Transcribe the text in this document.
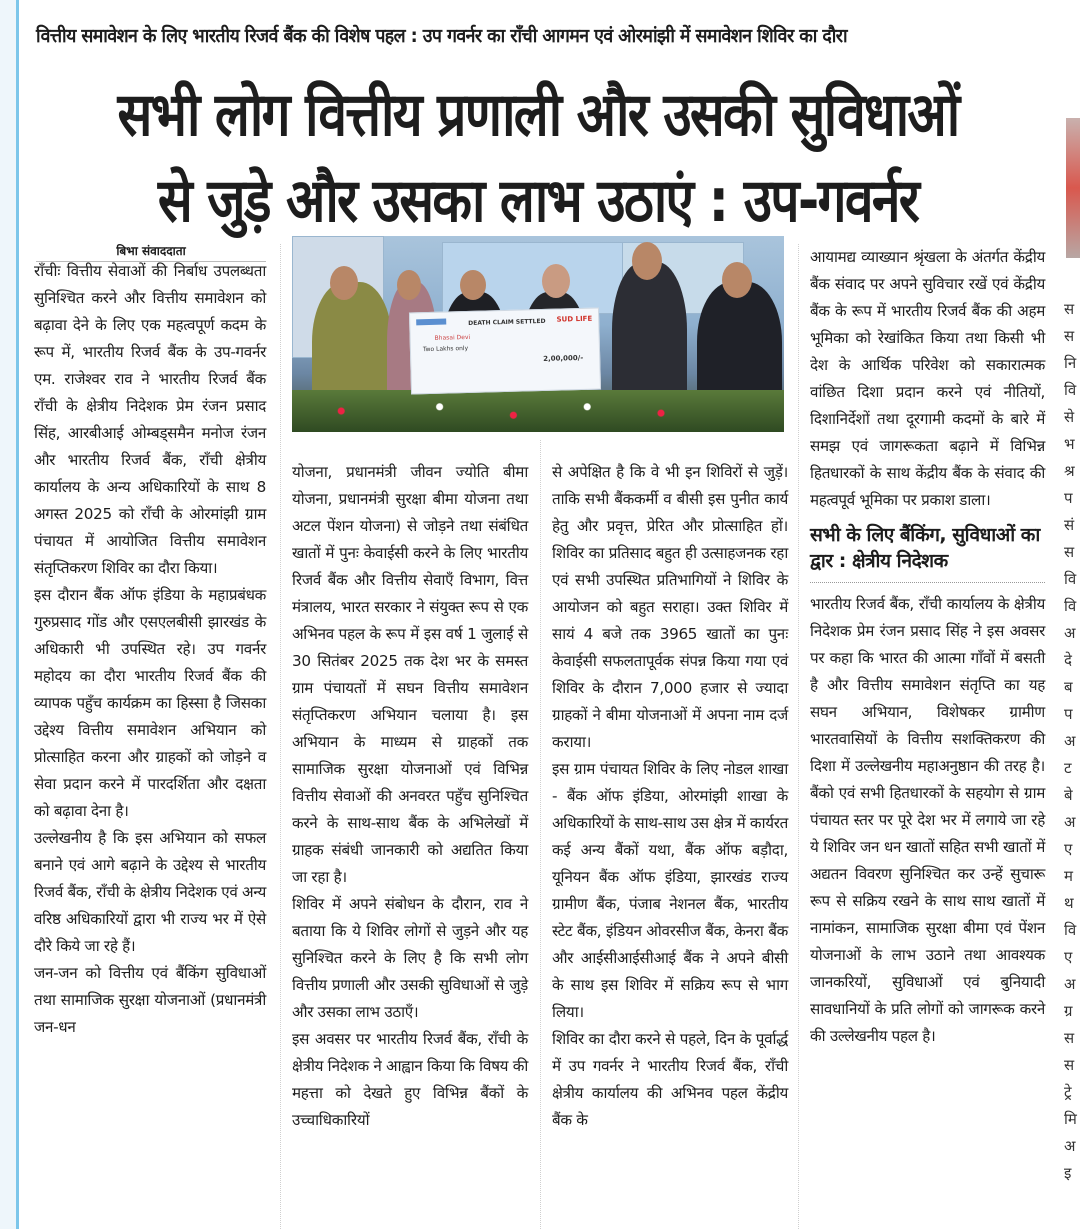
वित्तीय समावेशन के लिए भारतीय रिजर्व बैंक की विशेष पहल : उप गवर्नर का राँची आगमन एवं ओरमांझी में समावेशन शिविर का दौरा
सभी लोग वित्तीय प्रणाली और उसकी सुविधाओं
से जुड़े और उसका लाभ उठाएं : उप-गवर्नर
बिभा संवाददाता
DEATH CLAIM SETTLED SUD LIFE
Bhasai Devi
Two Lakhs only
2,00,000/-

राँचीः वित्तीय सेवाओं की निर्बाध उपलब्धता सुनिश्चित करने और वित्तीय समावेशन को बढ़ावा देने के लिए एक महत्वपूर्ण कदम के रूप में, भारतीय रिजर्व बैंक के उप-गवर्नर एम. राजेश्वर राव ने भारतीय रिजर्व बैंक राँची के क्षेत्रीय निदेशक प्रेम रंजन प्रसाद सिंह, आरबीआई ओम्बड्समैन मनोज रंजन और भारतीय रिजर्व बैंक, राँची क्षेत्रीय कार्यालय के अन्य अधिकारियों के साथ 8 अगस्त 2025 को राँची के ओरमांझी ग्राम पंचायत में आयोजित वित्तीय समावेशन संतृप्तिकरण शिविर का दौरा किया।

इस दौरान बैंक ऑफ इंडिया के महाप्रबंधक गुरुप्रसाद गोंड और एसएलबीसी झारखंड के अधिकारी भी उपस्थित रहे। उप गवर्नर महोदय का दौरा भारतीय रिजर्व बैंक की व्यापक पहुँच कार्यक्रम का हिस्सा है जिसका उद्देश्य वित्तीय समावेशन अभियान को प्रोत्साहित करना और ग्राहकों को जोड़ने व सेवा प्रदान करने में पारदर्शिता और दक्षता को बढ़ावा देना है।

उल्लेखनीय है कि इस अभियान को सफल बनाने एवं आगे बढ़ाने के उद्देश्य से भारतीय रिजर्व बैंक, राँची के क्षेत्रीय निदेशक एवं अन्य वरिष्ठ अधिकारियों द्वारा भी राज्य भर में ऐसे दौरे किये जा रहे हैं।

जन-जन को वित्तीय एवं बैंकिंग सुविधाओं तथा सामाजिक सुरक्षा योजनाओं (प्रधानमंत्री जन-धन

योजना, प्रधानमंत्री जीवन ज्योति बीमा योजना, प्रधानमंत्री सुरक्षा बीमा योजना तथा अटल पेंशन योजना) से जोड़ने तथा संबंधित खातों में पुनः केवाईसी करने के लिए भारतीय रिजर्व बैंक और वित्तीय सेवाएँ विभाग, वित्त मंत्रालय, भारत सरकार ने संयुक्त रूप से एक अभिनव पहल के रूप में इस वर्ष 1 जुलाई से 30 सितंबर 2025 तक देश भर के समस्त ग्राम पंचायतों में सघन वित्तीय समावेशन संतृप्तिकरण अभियान चलाया है। इस अभियान के माध्यम से ग्राहकों तक सामाजिक सुरक्षा योजनाओं एवं विभिन्न वित्तीय सेवाओं की अनवरत पहुँच सुनिश्चित करने के साथ-साथ बैंक के अभिलेखों में ग्राहक संबंधी जानकारी को अद्यतित किया जा रहा है।

शिविर में अपने संबोधन के दौरान, राव ने बताया कि ये शिविर लोगों से जुड़ने और यह सुनिश्चित करने के लिए है कि सभी लोग वित्तीय प्रणाली और उसकी सुविधाओं से जुड़े और उसका लाभ उठाएँ।

इस अवसर पर भारतीय रिजर्व बैंक, राँची के क्षेत्रीय निदेशक ने आह्वान किया कि विषय की महत्ता को देखते हुए विभिन्न बैंकों के उच्चाधिकारियों

से अपेक्षित है कि वे भी इन शिविरों से जुड़ें। ताकि सभी बैंककर्मी व बीसी इस पुनीत कार्य हेतु और प्रवृत्त, प्रेरित और प्रोत्साहित हों। शिविर का प्रतिसाद बहुत ही उत्साहजनक रहा एवं सभी उपस्थित प्रतिभागियों ने शिविर के आयोजन को बहुत सराहा। उक्त शिविर में सायं 4 बजे तक 3965 खातों का पुनः केवाईसी सफलतापूर्वक संपन्न किया गया एवं शिविर के दौरान 7,000 हजार से ज्यादा ग्राहकों ने बीमा योजनाओं में अपना नाम दर्ज कराया।

इस ग्राम पंचायत शिविर के लिए नोडल शाखा - बैंक ऑफ इंडिया, ओरमांझी शाखा के अधिकारियों के साथ-साथ उस क्षेत्र में कार्यरत कई अन्य बैंकों यथा, बैंक ऑफ बड़ौदा, यूनियन बैंक ऑफ इंडिया, झारखंड राज्य ग्रामीण बैंक, पंजाब नेशनल बैंक, भारतीय स्टेट बैंक, इंडियन ओवरसीज बैंक, केनरा बैंक और आईसीआईसीआई बैंक ने अपने बीसी के साथ इस शिविर में सक्रिय रूप से भाग लिया।

शिविर का दौरा करने से पहले, दिन के पूर्वार्द्ध में उप गवर्नर ने भारतीय रिजर्व बैंक, राँची क्षेत्रीय कार्यालय की अभिनव पहल केंद्रीय बैंक के

आयामद्य व्याख्यान श्रृंखला के अंतर्गत केंद्रीय बैंक संवाद पर अपने सुविचार रखें एवं केंद्रीय बैंक के रूप में भारतीय रिजर्व बैंक की अहम भूमिका को रेखांकित किया तथा किसी भी देश के आर्थिक परिवेश को सकारात्मक वांछित दिशा प्रदान करने एवं नीतियों, दिशानिर्देशों तथा दूरगामी कदमों के बारे में समझ एवं जागरूकता बढ़ाने में विभिन्न हितधारकों के साथ केंद्रीय बैंक के संवाद की महत्वपूर्व भूमिका पर प्रकाश डाला।

सभी के लिए बैंकिंग, सुविधाओं का द्वार : क्षेत्रीय निदेशक

भारतीय रिजर्व बैंक, राँची कार्यालय के क्षेत्रीय निदेशक प्रेम रंजन प्रसाद सिंह ने इस अवसर पर कहा कि भारत की आत्मा गाँवों में बसती है और वित्तीय समावेशन संतृप्ति का यह सघन अभियान, विशेषकर ग्रामीण भारतवासियों के वित्तीय सशक्तिकरण की दिशा में उल्लेखनीय महाअनुष्ठान की तरह है। बैंको एवं सभी हितधारकों के सहयोग से ग्राम पंचायत स्तर पर पूरे देश भर में लगाये जा रहे ये शिविर जन धन खातों सहित सभी खातों में अद्यतन विवरण सुनिश्चित कर उन्हें सुचारू रूप से सक्रिय रखने के साथ साथ खातों में नामांकन, सामाजिक सुरक्षा बीमा एवं पेंशन योजनाओं के लाभ उठाने तथा आवश्यक जानकरियों, सुविधाओं एवं बुनियादी सावधानियों के प्रति लोगों को जागरूक करने की उल्लेखनीय पहल है।

स
स
नि
वि
से
भ
श्र
प
सं
स
वि
वि
अ
दे
ब
प
अ
ट
बे
अ
ए
म
थ
वि
ए
अ
ग्र
स
स
ट्रे
मि
अ
इ
